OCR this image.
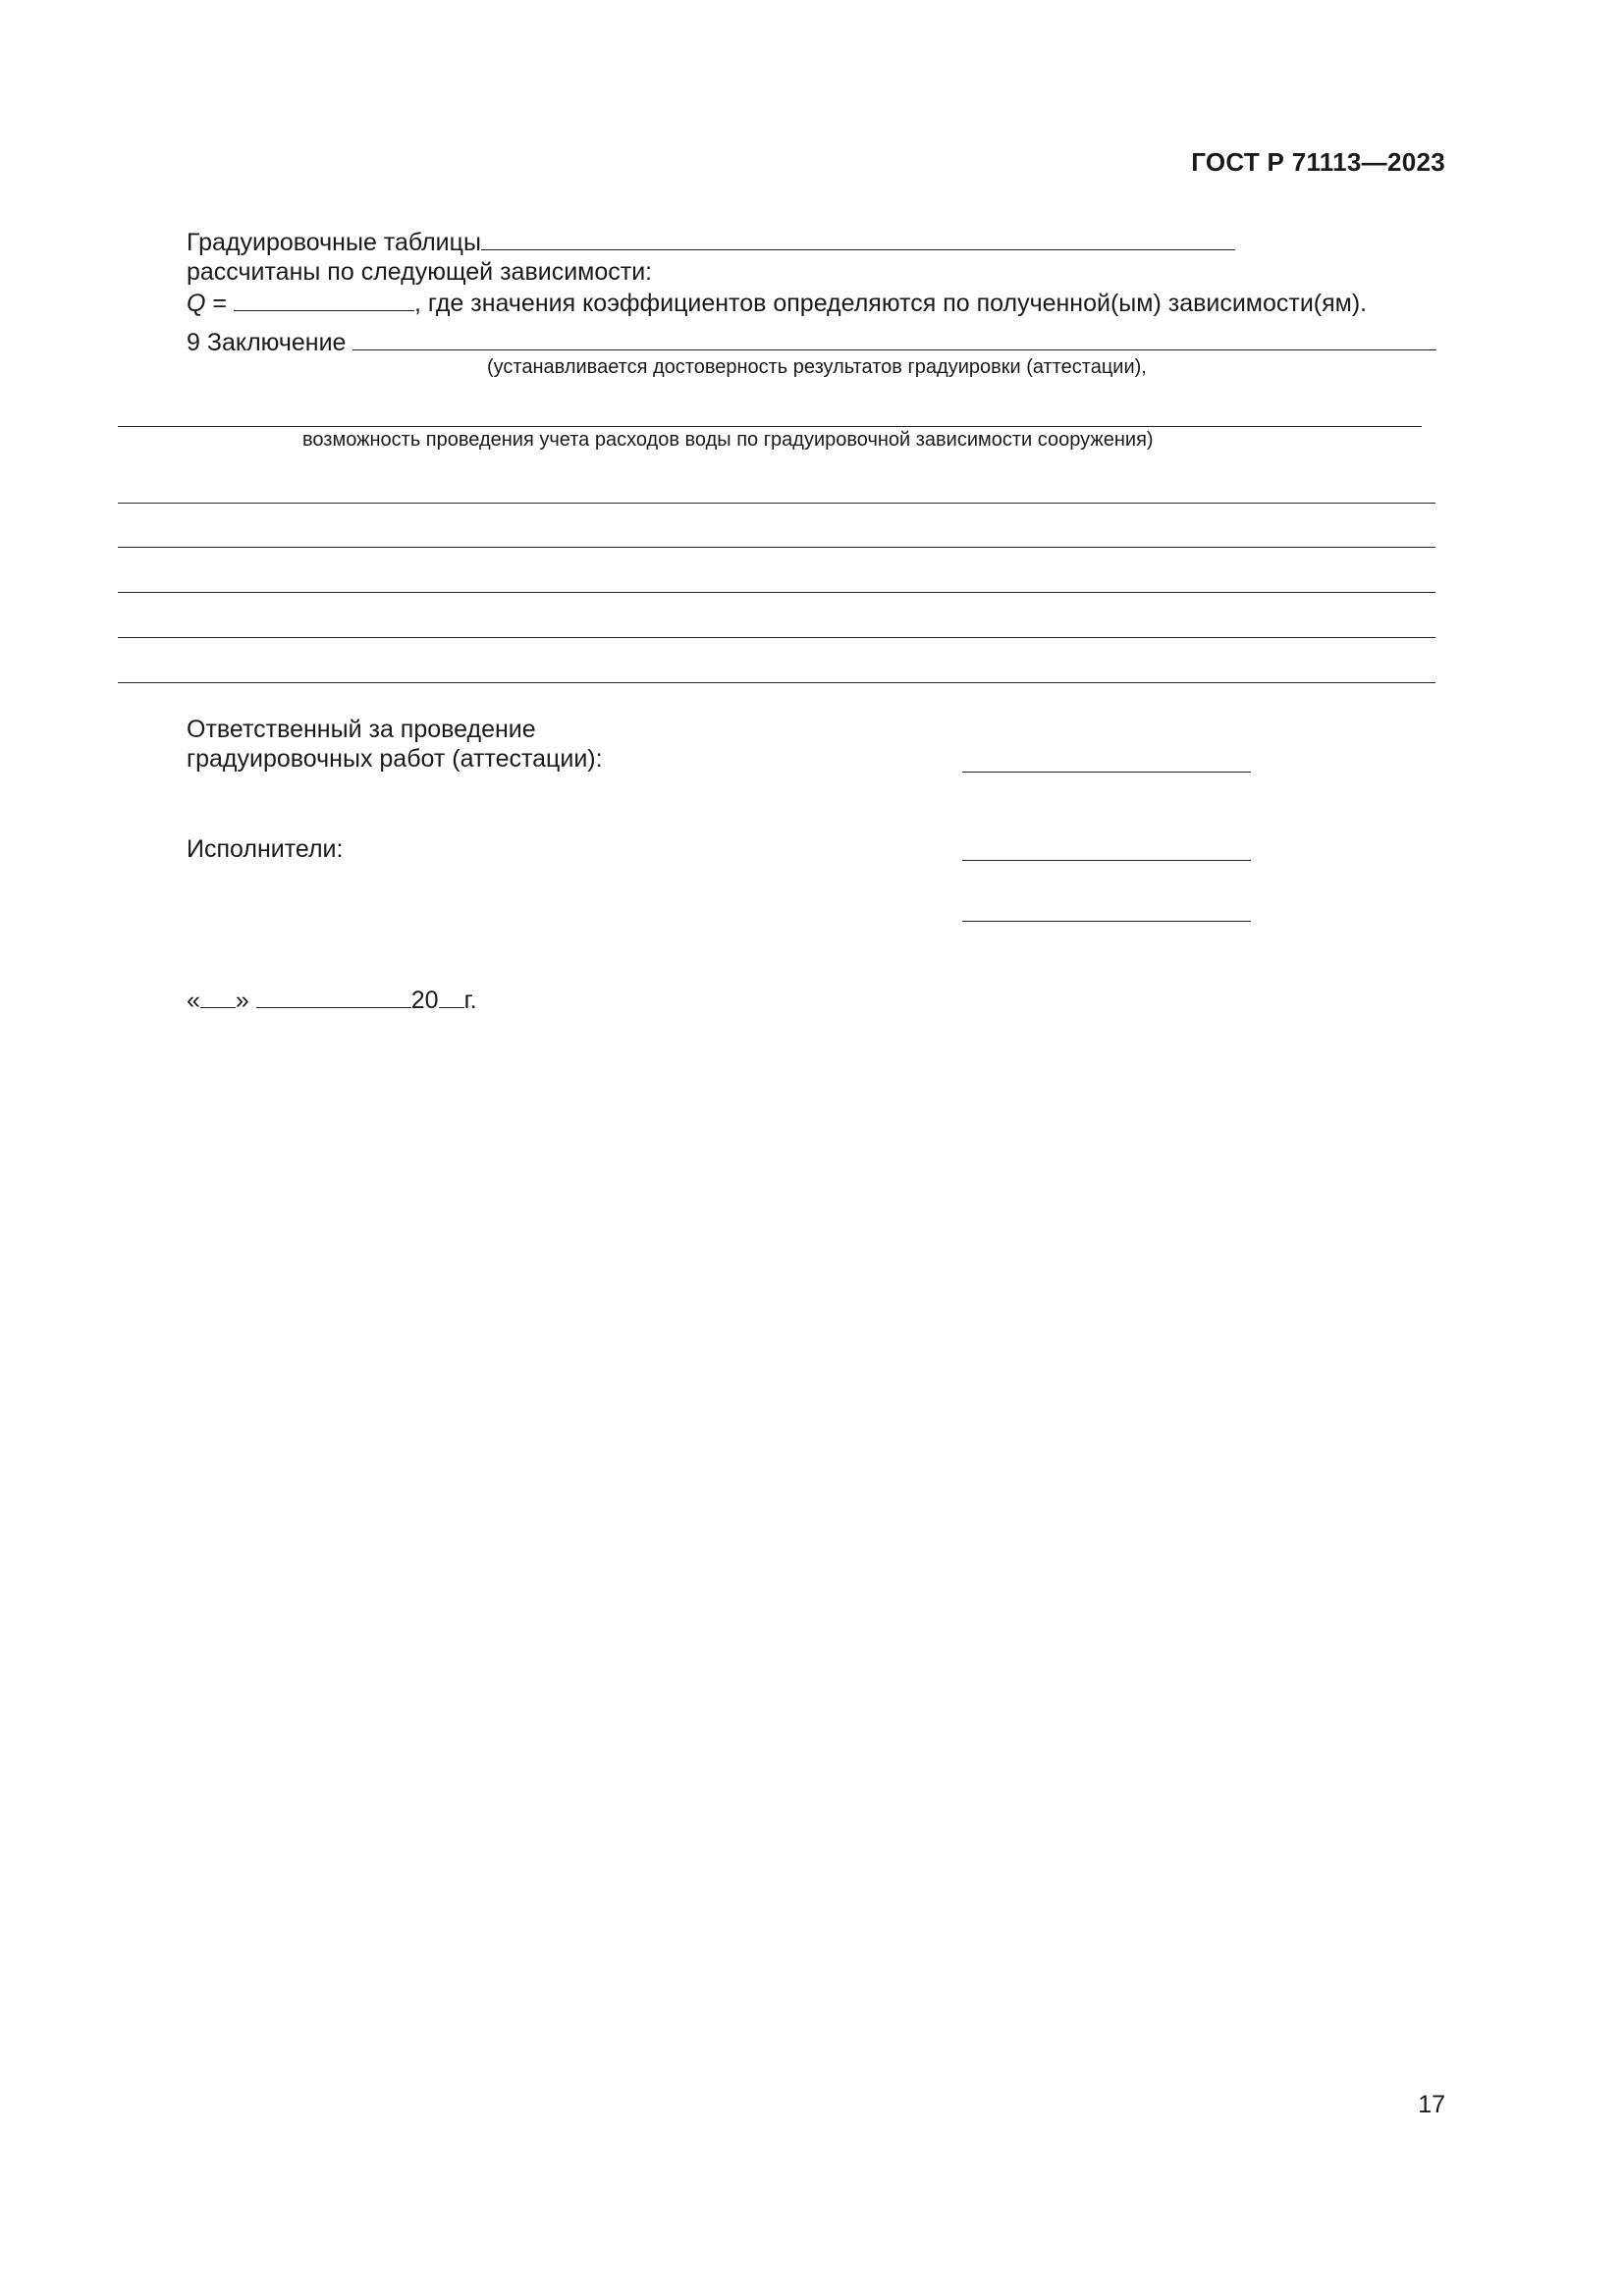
ГОСТ Р 71113—2023
Градуировочные таблицы
рассчитаны по следующей зависимости:
Q =	, где значения коэффициентов определяются по полученной(ым) зависимости(ям).
9 Заключение
(устанавливается достоверность результатов градуировки (аттестации),
возможность проведения учета расходов воды по градуировочной зависимости сооружения)
Ответственный за проведение
градуировочных работ (аттестации):
Исполнители:
« »	20 г.
17
